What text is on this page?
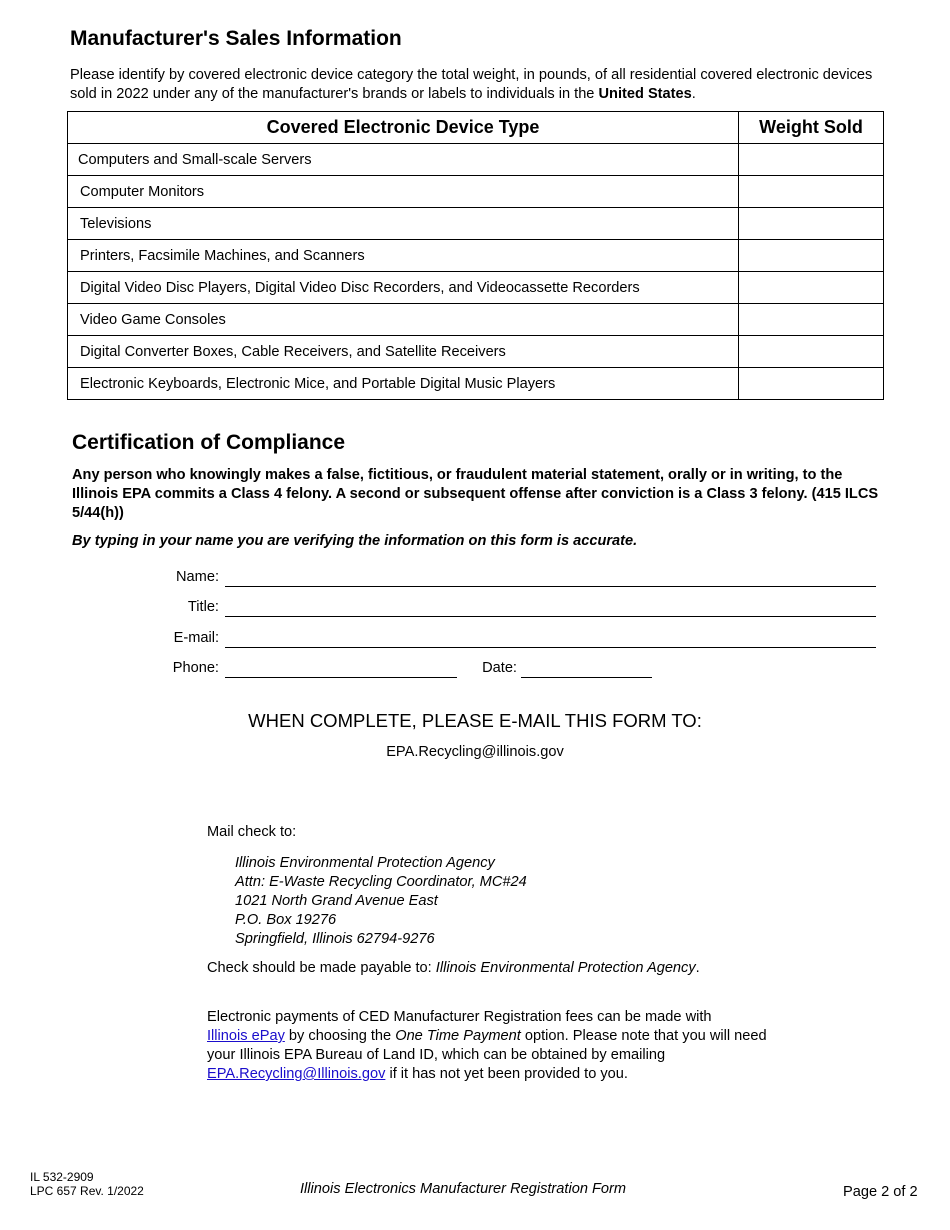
Manufacturer's Sales Information
Please identify by covered electronic device category the total weight, in pounds, of all residential covered electronic devices sold in 2022 under any of the manufacturer's brands or labels to individuals in the United States.
Covered Electronic Device Type	Weight Sold
Computers and Small-scale Servers	
Computer Monitors	
Televisions	
Printers, Facsimile Machines, and Scanners	
Digital Video Disc Players, Digital Video Disc Recorders, and Videocassette Recorders	
Video Game Consoles	
Digital Converter Boxes, Cable Receivers, and Satellite Receivers	
Electronic Keyboards, Electronic Mice, and Portable Digital Music Players	
Certification of Compliance
Any person who knowingly makes a false, fictitious, or fraudulent material statement, orally or in writing, to the Illinois EPA commits a Class 4 felony. A second or subsequent offense after conviction is a Class 3 felony. (415 ILCS 5/44(h))
By typing in your name you are verifying the information on this form is accurate.
Name:
Title:
E-mail:
Phone:	Date:
WHEN COMPLETE, PLEASE E-MAIL THIS FORM TO:
EPA.Recycling@illinois.gov
Mail check to:
Illinois Environmental Protection Agency
Attn: E-Waste Recycling Coordinator, MC#24
1021 North Grand Avenue East
P.O. Box 19276
Springfield, Illinois 62794-9276
Check should be made payable to: Illinois Environmental Protection Agency.
Electronic payments of CED Manufacturer Registration fees can be made with
Illinois ePay by choosing the One Time Payment option. Please note that you will need your Illinois EPA Bureau of Land ID, which can be obtained by emailing
EPA.Recycling@Illinois.gov if it has not yet been provided to you.
IL 532-2909
LPC 657 Rev. 1/2022	Illinois Electronics Manufacturer Registration Form	Page 2 of 2
